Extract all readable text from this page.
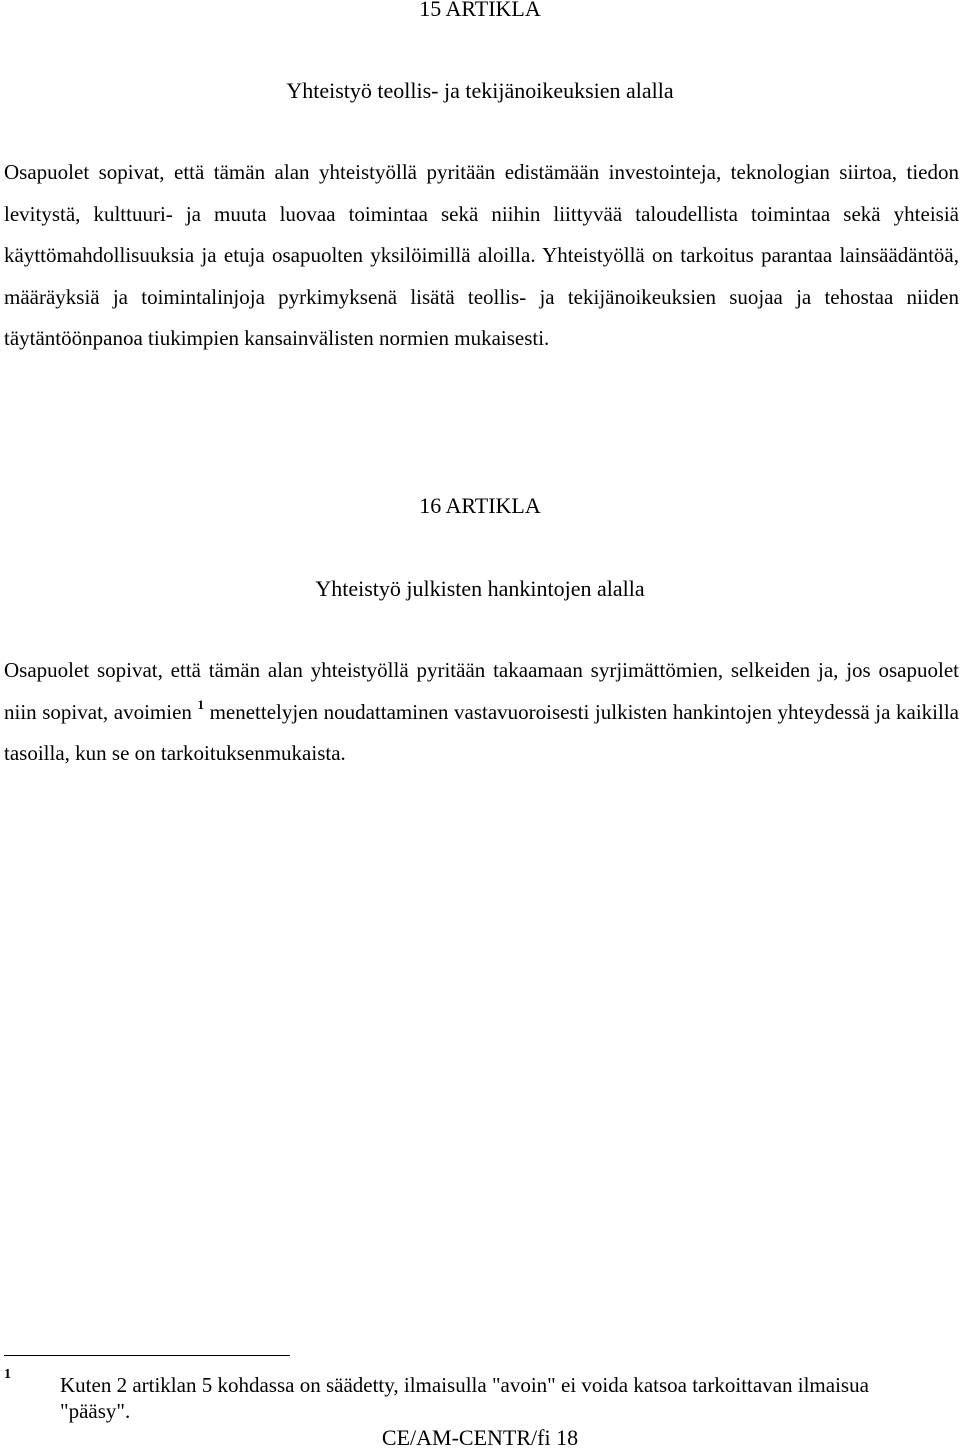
15 ARTIKLA
Yhteistyö teollis- ja tekijänoikeuksien alalla

Osapuolet sopivat, että tämän alan yhteistyöllä pyritään edistämään investointeja, teknologian siirtoa, tiedon levitystä, kulttuuri- ja muuta luovaa toimintaa sekä niihin liittyvää taloudellista toimintaa sekä yhteisiä käyttömahdollisuuksia ja etuja osapuolten yksilöimillä aloilla. Yhteistyöllä on tarkoitus parantaa lainsäädäntöä, määräyksiä ja toimintalinjoja pyrkimyksenä lisätä teollis- ja tekijänoikeuksien suojaa ja tehostaa niiden täytäntöönpanoa tiukimpien kansainvälisten normien mukaisesti.

16 ARTIKLA
Yhteistyö julkisten hankintojen alalla

Osapuolet sopivat, että tämän alan yhteistyöllä pyritään takaamaan syrjimättömien, selkeiden ja, jos osapuolet niin sopivat, avoimien $^1$ menettelyjen noudattaminen vastavuoroisesti julkisten hankintojen yhteydessä ja kaikilla tasoilla, kun se on tarkoituksenmukaista.

1 Kuten 2 artiklan 5 kohdassa on säädetty, ilmaisulla "avoin" ei voida katsoa tarkoittavan ilmaisua "pääsy".

CE/AM-CENTR/fi 18
